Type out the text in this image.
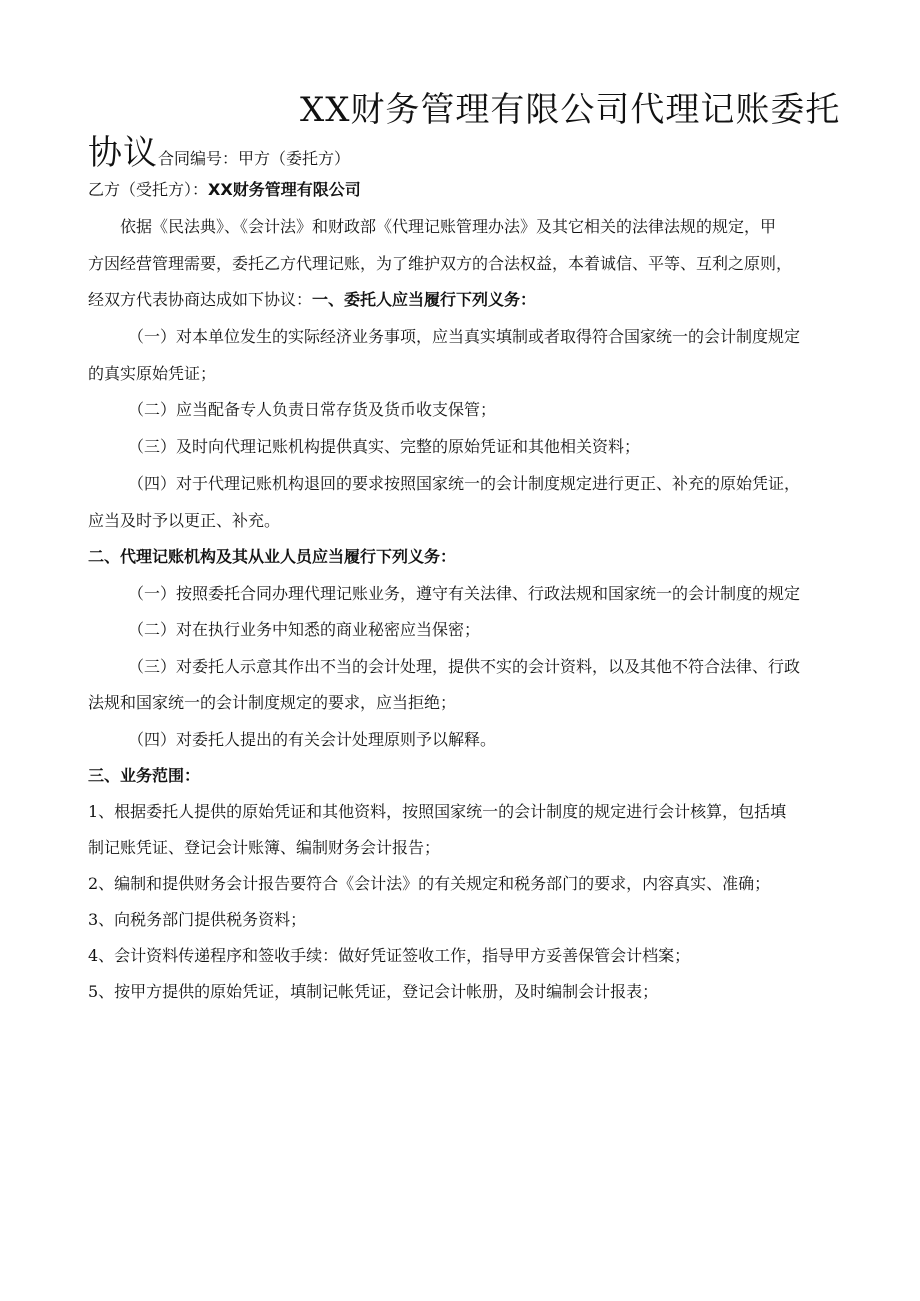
XX财务管理有限公司代理记账委托
协议合同编号：甲方（委托方）
乙方（受托方）：XX财务管理有限公司
依据《民法典》、《会计法》和财政部《代理记账管理办法》及其它相关的法律法规的规定，甲
方因经营管理需要，委托乙方代理记账，为了维护双方的合法权益，本着诚信、平等、互利之原则，
经双方代表协商达成如下协议：一、委托人应当履行下列义务：
（一）对本单位发生的实际经济业务事项，应当真实填制或者取得符合国家统一的会计制度规定
的真实原始凭证；
（二）应当配备专人负责日常存货及货币收支保管；
（三）及时向代理记账机构提供真实、完整的原始凭证和其他相关资料；
（四）对于代理记账机构退回的要求按照国家统一的会计制度规定进行更正、补充的原始凭证，
应当及时予以更正、补充。
二、代理记账机构及其从业人员应当履行下列义务：
（一）按照委托合同办理代理记账业务，遵守有关法律、行政法规和国家统一的会计制度的规定
（二）对在执行业务中知悉的商业秘密应当保密；
（三）对委托人示意其作出不当的会计处理，提供不实的会计资料，以及其他不符合法律、行政
法规和国家统一的会计制度规定的要求，应当拒绝；
（四）对委托人提出的有关会计处理原则予以解释。
三、业务范围：
1、根据委托人提供的原始凭证和其他资料，按照国家统一的会计制度的规定进行会计核算，包括填
制记账凭证、登记会计账簿、编制财务会计报告；
2、编制和提供财务会计报告要符合《会计法》的有关规定和税务部门的要求，内容真实、准确；
3、向税务部门提供税务资料；
4、会计资料传递程序和签收手续：做好凭证签收工作，指导甲方妥善保管会计档案；
5、按甲方提供的原始凭证，填制记帐凭证，登记会计帐册，及时编制会计报表；
